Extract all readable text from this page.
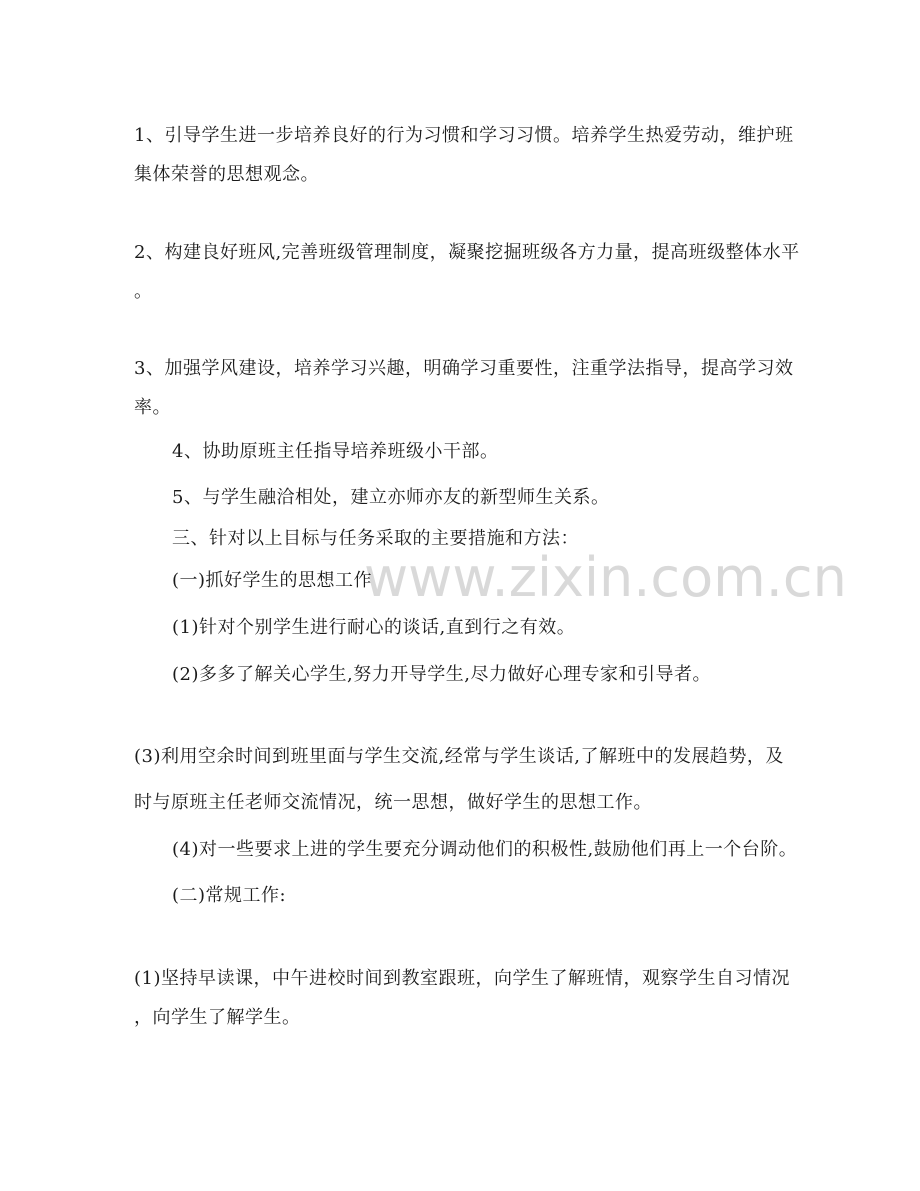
www.zixin.com.cn
1、引导学生进一步培养良好的行为习惯和学习习惯。培养学生热爱劳动，维护班
集体荣誉的思想观念。
2、构建良好班风,完善班级管理制度，凝聚挖掘班级各方力量，提高班级整体水平
。
3、加强学风建设，培养学习兴趣，明确学习重要性，注重学法指导，提高学习效
率。
4、协助原班主任指导培养班级小干部。
5、与学生融洽相处，建立亦师亦友的新型师生关系。
三、针对以上目标与任务采取的主要措施和方法：
(一)抓好学生的思想工作
(1)针对个别学生进行耐心的谈话,直到行之有效。
(2)多多了解关心学生,努力开导学生,尽力做好心理专家和引导者。
(3)利用空余时间到班里面与学生交流,经常与学生谈话,了解班中的发展趋势，及
时与原班主任老师交流情况，统一思想，做好学生的思想工作。
(4)对一些要求上进的学生要充分调动他们的积极性,鼓励他们再上一个台阶。
(二)常规工作:
(1)坚持早读课，中午进校时间到教室跟班，向学生了解班情，观察学生自习情况
，向学生了解学生。
